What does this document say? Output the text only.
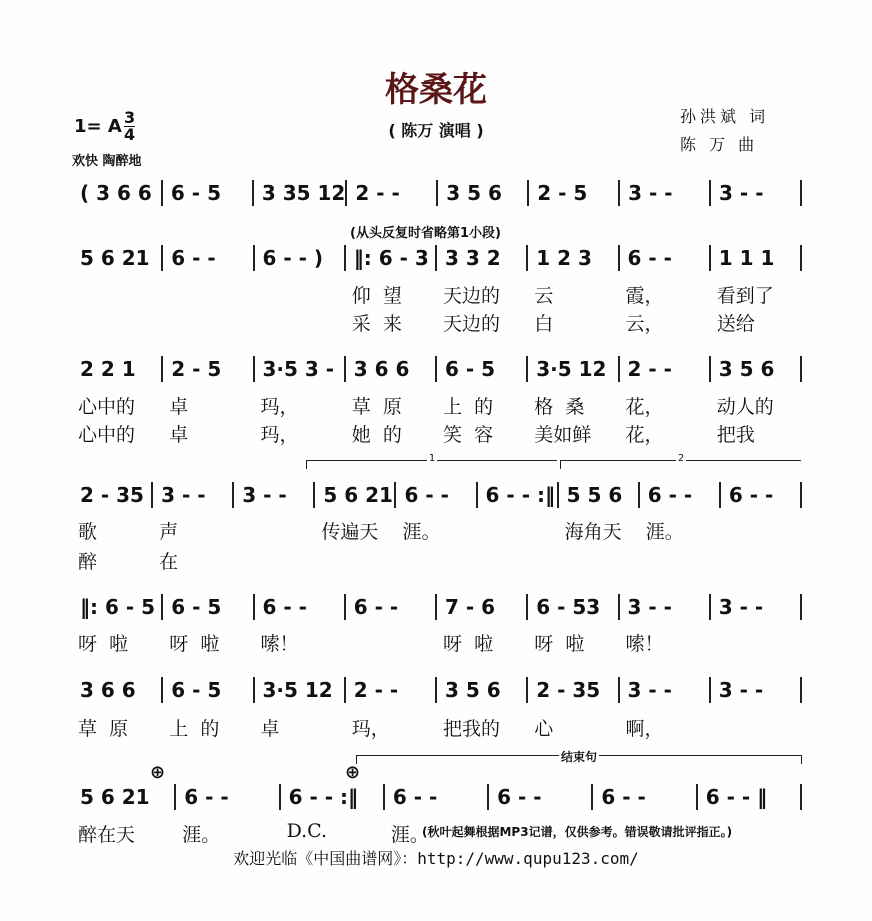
格桑花
( 陈万 演唱 )
孙洪斌 词
陈 万 曲
1= A $\frac{3}{4}$
欢快 陶醉地
(从头反复时省略第1小段)
1	2
结束句
⊕	⊕
( 3 6 6 6 - 5	3 35 12 2 - -	3 5 6	2 - 5	3 - -	3 - -
5 6 21	6 - -	6 - - )	‖: 6 - 3 3 3 2	1 2 3	6 - -	1 1 1
仰  望	天边的	云	霞，	看到了
采  来	天边的	白	云，	送给
2 2 1	2 - 5	3·5 3 - 3 6 6	6 - 5	3·5 12	2 - -	3 5 6
心中的	卓	玛，	草  原	上  的	格  桑	花，	动人的
心中的	卓	玛，	她  的	笑  容	美如鲜	花，	把我
2 - 35 3 - -	3 - -	5 6 21 6 - -	6 - - :‖ 5 5 6	6 - -	6 - -
歌	声	传遍天	涯。	海角天	涯。
醉	在
‖: 6 - 5 6 - 5	6 - -	6 - -	7 - 6	6 - 53	3 - -	3 - -
呀  啦	呀  啦	嗦！	呀  啦	呀  啦	嗦！
3 6 6	6 - 5	3·5 12	2 - -	3 5 6	2 - 35	3 - -	3 - -
草  原	上  的	卓	玛，	把我的	心	啊，
5 6 21	6 - -	6 - - :‖	6 - -	6 - -	6 - -	6 - - ‖
醉在天	涯。	D.C.	涯。
(秋叶起舞根据MP3记谱，仅供参考。错误敬请批评指正。)
欢迎光临《中国曲谱网》：http://www.qupu123.com/
